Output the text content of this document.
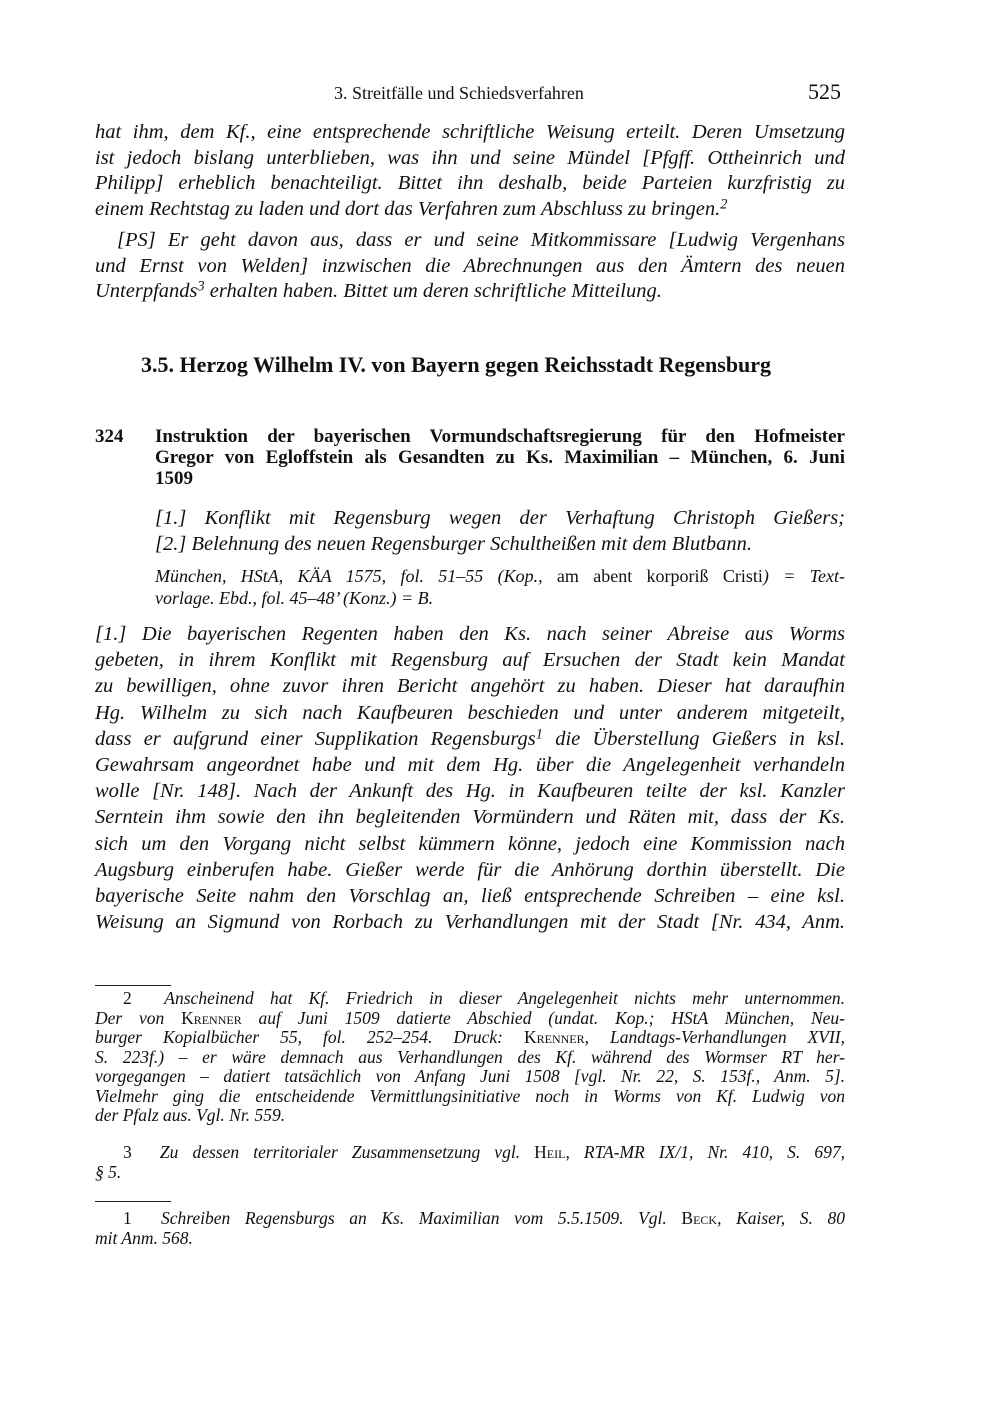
3. Streitfälle und Schiedsverfahren	525
hat ihm, dem Kf., eine entsprechende schriftliche Weisung erteilt. Deren Umsetzung
ist jedoch bislang unterblieben, was ihn und seine Mündel [Pfgff. Ottheinrich und
Philipp] erheblich benachteiligt. Bittet ihn deshalb, beide Parteien kurzfristig zu
einem Rechtstag zu laden und dort das Verfahren zum Abschluss zu bringen.$^2$
[PS] Er geht davon aus, dass er und seine Mitkommissare [Ludwig Vergenhans
und Ernst von Welden] inzwischen die Abrechnungen aus den Ämtern des neuen
Unterpfands$^3$ erhalten haben. Bittet um deren schriftliche Mitteilung.
3.5. Herzog Wilhelm IV. von Bayern gegen Reichsstadt Regensburg
324 Instruktion der bayerischen Vormundschaftsregierung für den Hofmeister
Gregor von Egloffstein als Gesandten zu Ks. Maximilian – München, 6. Juni
1509
[1.] Konflikt mit Regensburg wegen der Verhaftung Christoph Gießers;
[2.] Belehnung des neuen Regensburger Schultheißen mit dem Blutbann.
München, HStA, KÄA 1575, fol. 51–55 (Kop., am abent korporiß Cristi) = Text-
vorlage. Ebd., fol. 45–48’ (Konz.) = B.
[1.] Die bayerischen Regenten haben den Ks. nach seiner Abreise aus Worms
gebeten, in ihrem Konflikt mit Regensburg auf Ersuchen der Stadt kein Mandat
zu bewilligen, ohne zuvor ihren Bericht angehört zu haben. Dieser hat daraufhin
Hg. Wilhelm zu sich nach Kaufbeuren beschieden und unter anderem mitgeteilt,
dass er aufgrund einer Supplikation Regensburgs$^1$ die Überstellung Gießers in ksl.
Gewahrsam angeordnet habe und mit dem Hg. über die Angelegenheit verhandeln
wolle [Nr. 148]. Nach der Ankunft des Hg. in Kaufbeuren teilte der ksl. Kanzler
Serntein ihm sowie den ihn begleitenden Vormündern und Räten mit, dass der Ks.
sich um den Vorgang nicht selbst kümmern könne, jedoch eine Kommission nach
Augsburg einberufen habe. Gießer werde für die Anhörung dorthin überstellt. Die
bayerische Seite nahm den Vorschlag an, ließ entsprechende Schreiben – eine ksl.
Weisung an Sigmund von Rorbach zu Verhandlungen mit der Stadt [Nr. 434, Anm.
2 Anscheinend hat Kf. Friedrich in dieser Angelegenheit nichts mehr unternommen.
Der von Krenner auf Juni 1509 datierte Abschied (undat. Kop.; HStA München, Neu-
burger Kopialbücher 55, fol. 252–254. Druck: Krenner, Landtags-Verhandlungen XVII,
S. 223f.) – er wäre demnach aus Verhandlungen des Kf. während des Wormser RT her-
vorgegangen – datiert tatsächlich von Anfang Juni 1508 [vgl. Nr. 22, S. 153f., Anm. 5].
Vielmehr ging die entscheidende Vermittlungsinitiative noch in Worms von Kf. Ludwig von
der Pfalz aus. Vgl. Nr. 559.
3 Zu dessen territorialer Zusammensetzung vgl. Heil, RTA-MR IX/1, Nr. 410, S. 697,
§ 5.
1 Schreiben Regensburgs an Ks. Maximilian vom 5.5.1509. Vgl. Beck, Kaiser, S. 80
mit Anm. 568.
